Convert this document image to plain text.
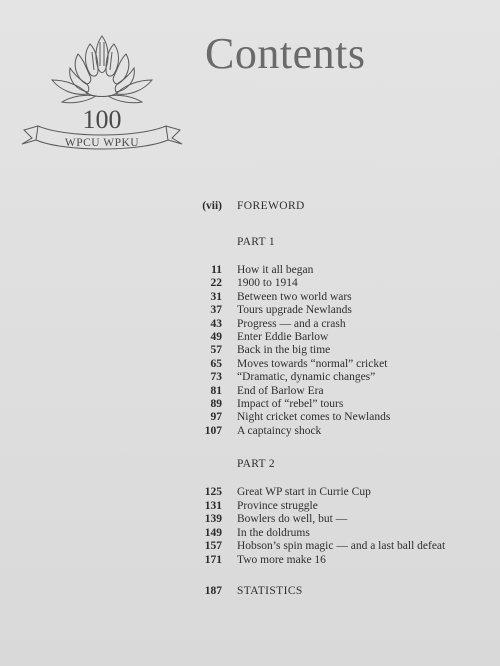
100
WPCU WPKU
Contents
(vii) FOREWORD
PART 1
11 How it all began
22 1900 to 1914
31 Between two world wars
37 Tours upgrade Newlands
43 Progress — and a crash
49 Enter Eddie Barlow
57 Back in the big time
65 Moves towards “normal” cricket
73 “Dramatic, dynamic changes”
81 End of Barlow Era
89 Impact of “rebel” tours
97 Night cricket comes to Newlands
107 A captaincy shock
PART 2
125 Great WP start in Currie Cup
131 Province struggle
139 Bowlers do well, but —
149 In the doldrums
157 Hobson’s spin magic — and a last ball defeat
171 Two more make 16
187 STATISTICS
